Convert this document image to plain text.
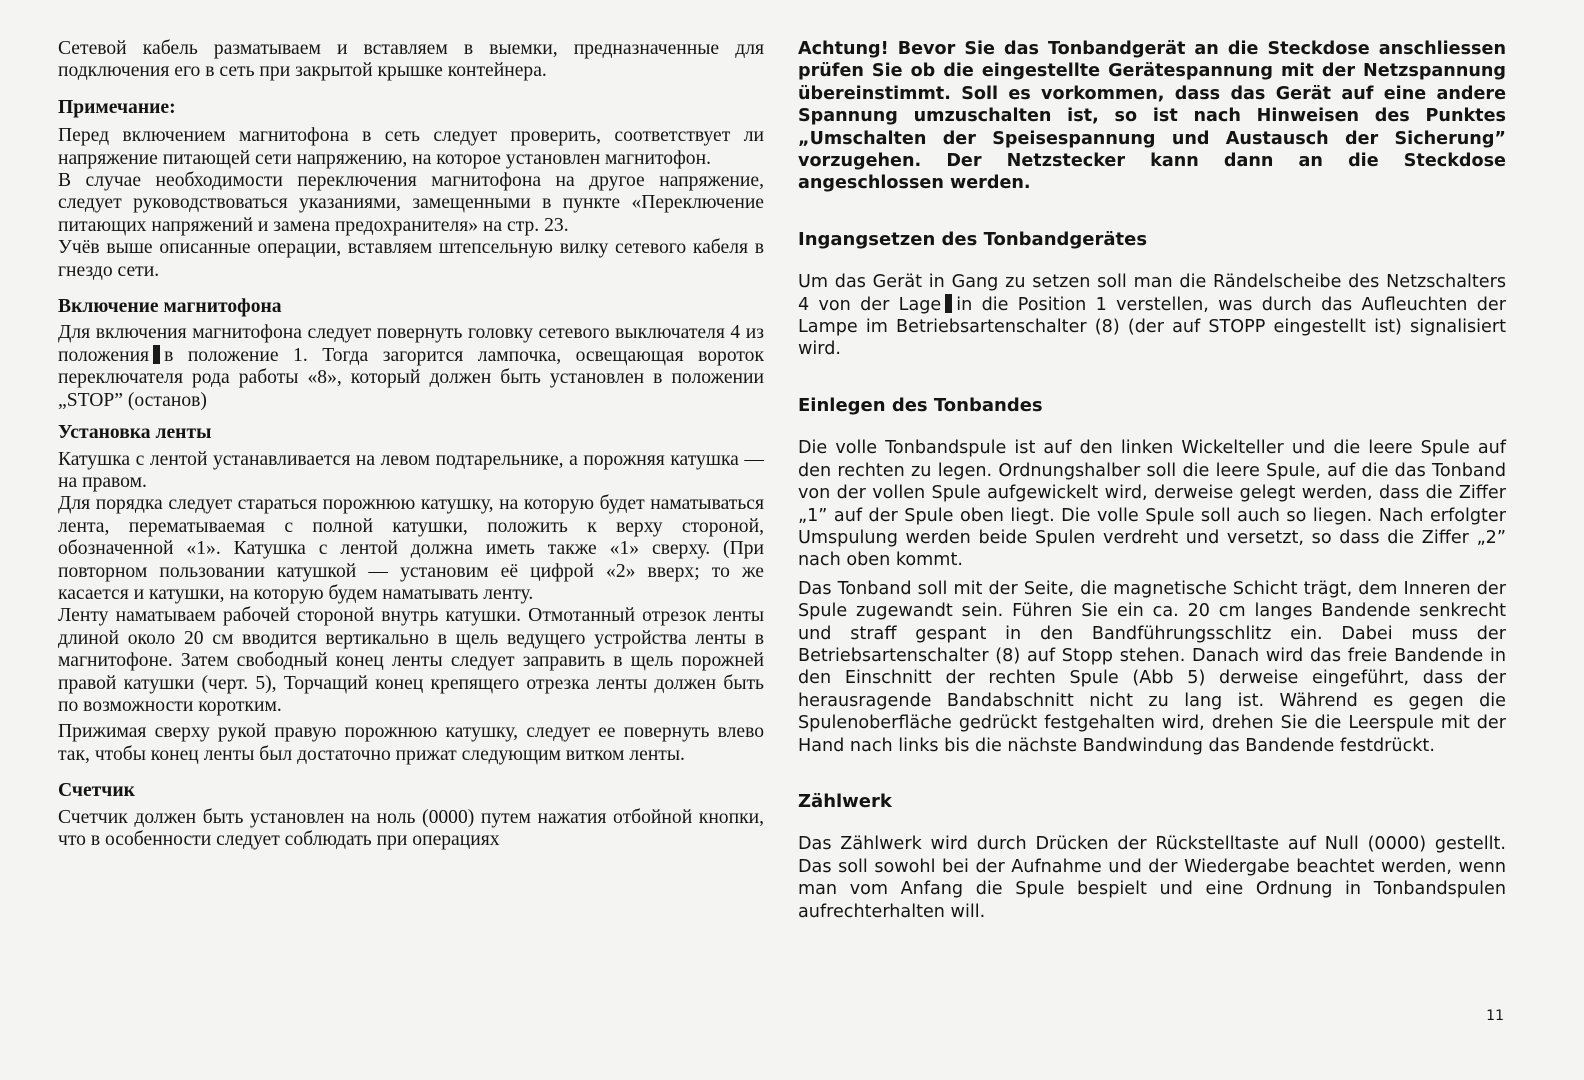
Сетевой кабель разматываем и вставляем в выемки, предназначенные для подключения его в сеть при закрытой крышке контейнера.

Примечание:

Перед включением магнитофона в сеть следует проверить, соответствует ли напряжение питающей сети напряжению, на которое установлен магнитофон.

В случае необходимости переключения магнитофона на другое напряжение, следует руководствоваться указаниями, замещенными в пункте «Переключение питающих напряжений и замена предохранителя» на стр. 23.

Учёв выше описанные операции, вставляем штепсельную вилку сетевого кабеля в гнездо сети.

Включение магнитофона

Для включения магнитофона следует повернуть головку сетевого выключателя 4 из положения в положение 1. Тогда загорится лампочка, освещающая вороток переключателя рода работы «8», который должен быть установлен в положении „STOP” (останов)

Установка ленты

Катушка с лентой устанавливается на левом подтарельнике, а порожняя катушка — на правом.

Для порядка следует стараться порожнюю катушку, на которую будет наматываться лента, перематываемая с полной катушки, положить к верху стороной, обозначенной «1». Катушка с лентой должна иметь также «1» сверху. (При повторном пользовании катушкой — установим её цифрой «2» вверх; то же касается и катушки, на которую будем наматывать ленту.

Ленту наматываем рабочей стороной внутрь катушки. Отмотанный отрезок ленты длиной около 20 см вводится вертикально в щель ведущего устройства ленты в магнитофоне. Затем свободный конец ленты следует заправить в щель порожней правой катушки (черт. 5), Торчащий конец крепящего отрезка ленты должен быть по возможности коротким.

Прижимая сверху рукой правую порожнюю катушку, следует ее повернуть влево так, чтобы конец ленты был достаточно прижат следующим витком ленты.

Счетчик

Счетчик должен быть установлен на ноль (0000) путем нажатия отбойной кнопки, что в особенности следует соблюдать при операциях

Achtung! Bevor Sie das Tonbandgerät an die Steckdose anschliessen prüfen Sie ob die eingestellte Gerätespannung mit der Netzspannung übereinstimmt. Soll es vorkommen, dass das Gerät auf eine andere Spannung umzuschalten ist, so ist nach Hinweisen des Punktes „Umschalten der Speisespannung und Austausch der Sicherung” vorzugehen. Der Netzstecker kann dann an die Steckdose angeschlossen werden.

Ingangsetzen des Tonbandgerätes

Um das Gerät in Gang zu setzen soll man die Rändelscheibe des Netzschalters 4 von der Lage in die Position 1 verstellen, was durch das Aufleuchten der Lampe im Betriebsartenschalter (8) (der auf STOPP eingestellt ist) signalisiert wird.

Einlegen des Tonbandes

Die volle Tonbandspule ist auf den linken Wickelteller und die leere Spule auf den rechten zu legen. Ordnungshalber soll die leere Spule, auf die das Tonband von der vollen Spule aufgewickelt wird, derweise gelegt werden, dass die Ziffer „1” auf der Spule oben liegt. Die volle Spule soll auch so liegen. Nach erfolgter Umspulung werden beide Spulen verdreht und versetzt, so dass die Ziffer „2” nach oben kommt.

Das Tonband soll mit der Seite, die magnetische Schicht trägt, dem Inneren der Spule zugewandt sein. Führen Sie ein ca. 20 cm langes Bandende senkrecht und straff gespant in den Bandführungsschlitz ein. Dabei muss der Betriebsartenschalter (8) auf Stopp stehen. Danach wird das freie Bandende in den Einschnitt der rechten Spule (Abb 5) derweise eingeführt, dass der herausragende Bandabschnitt nicht zu lang ist. Während es gegen die Spulenoberfläche gedrückt festgehalten wird, drehen Sie die Leerspule mit der Hand nach links bis die nächste Bandwindung das Bandende festdrückt.

Zählwerk

Das Zählwerk wird durch Drücken der Rückstelltaste auf Null (0000) gestellt. Das soll sowohl bei der Aufnahme und der Wiedergabe beachtet werden, wenn man vom Anfang die Spule bespielt und eine Ordnung in Tonbandspulen aufrechterhalten will.

11
